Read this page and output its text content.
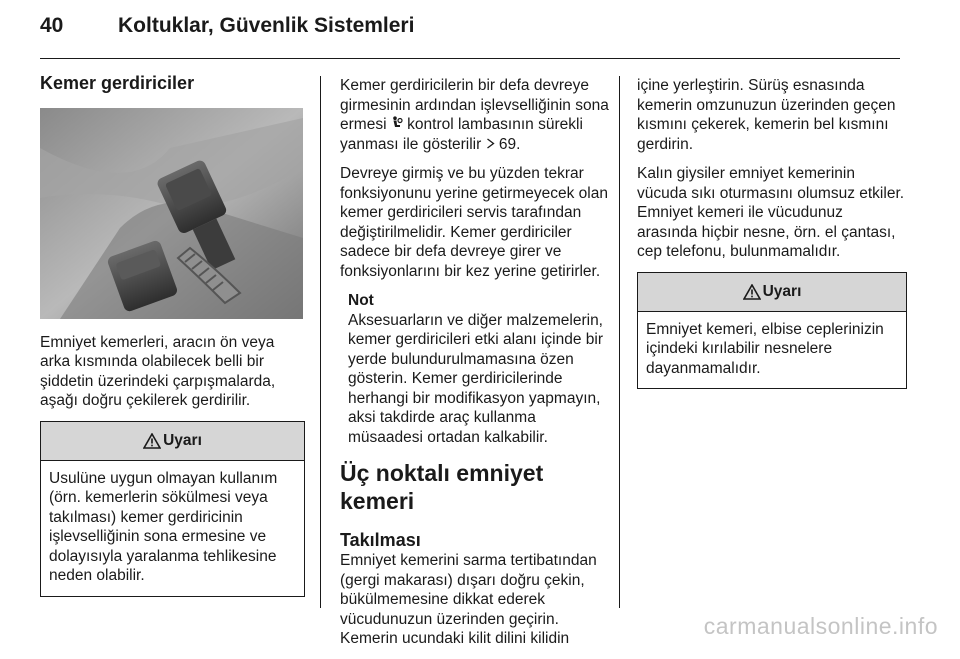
40	Koltuklar, Güvenlik Sistemleri
Kemer gerdiriciler

Emniyet kemerleri, aracın ön veya arka kısmında olabilecek belli bir şiddetin üzerindeki çarpışmalarda, aşağı doğru çekilerek gerdirilir.

Uyarı
Usulüne uygun olmayan kullanım (örn. kemerlerin sökülmesi veya takılması) kemer gerdiricinin işlevselliğinin sona ermesine ve dolayısıyla yaralanma tehlikesine neden olabilir.

Kemer gerdiricilerin bir defa devreye girmesinin ardından işlevselliğinin sona ermesi kontrol lambasının sürekli yanması ile gösterilir 69.

Devreye girmiş ve bu yüzden tekrar fonksiyonunu yerine getirmeyecek olan kemer gerdiricileri servis tarafından değiştirilmelidir. Kemer gerdiriciler sadece bir defa devreye girer ve fonksiyonlarını bir kez yerine getirirler.

Not
Aksesuarların ve diğer malzemelerin, kemer gerdiricileri etki alanı içinde bir yerde bulundurulmamasına özen gösterin. Kemer gerdiricilerinde herhangi bir modifikasyon yapmayın, aksi takdirde araç kullanma müsaadesi ortadan kalkabilir.
Üç noktalı emniyet kemeri
Takılması

Emniyet kemerini sarma tertibatından (gergi makarası) dışarı doğru çekin, bükülmemesine dikkat ederek vücudunuzun üzerinden geçirin. Kemerin ucundaki kilit dilini kilidin

içine yerleştirin. Sürüş esnasında kemerin omzunuzun üzerinden geçen kısmını çekerek, kemerin bel kısmını gerdirin.

Kalın giysiler emniyet kemerinin vücuda sıkı oturmasını olumsuz etkiler. Emniyet kemeri ile vücudunuz arasında hiçbir nesne, örn. el çantası, cep telefonu, bulunmamalıdır.

Uyarı
Emniyet kemeri, elbise ceplerinizin içindeki kırılabilir nesnelere dayanmamalıdır.
carmanualsonline.info
